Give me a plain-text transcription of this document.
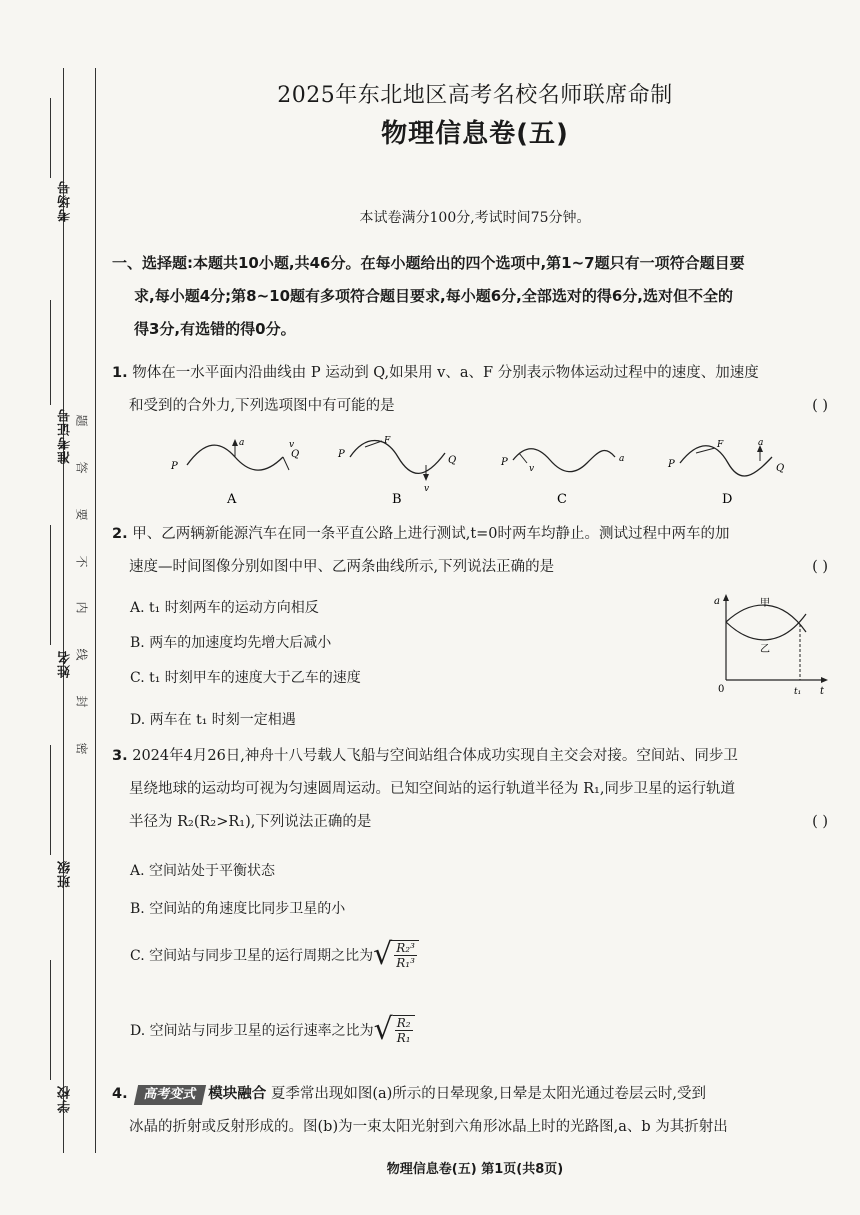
考场号
准考证号
姓名
班级
学校
题
答
要
不
内
线
封
密
2025年东北地区高考名校名师联席命制
物理信息卷(五)
本试卷满分100分,考试时间75分钟。
一、选择题:本题共10小题,共46分。在每小题给出的四个选项中,第1~7题只有一项符合题目要
求,每小题4分;第8~10题有多项符合题目要求,每小题6分,全部选对的得6分,选对但不全的
得3分,有选错的得0分。
1. 物体在一水平面内沿曲线由 P 运动到 Q,如果用 v、a、F 分别表示物体运动过程中的速度、加速度
和受到的合外力,下列选项图中有可能的是	( )
P
Q
a	v
A
P
Q
F
v
B
P	a
v
C
P	Q
F	a
D
2. 甲、乙两辆新能源汽车在同一条平直公路上进行测试,t=0时两车均静止。测试过程中两车的加
速度—时间图像分别如图中甲、乙两条曲线所示,下列说法正确的是	( )
A. t₁ 时刻两车的运动方向相反
B. 两车的加速度均先增大后减小
C. t₁ 时刻甲车的速度大于乙车的速度
D. 两车在 t₁ 时刻一定相遇
a
t
0	t₁
甲
乙
3. 2024年4月26日,神舟十八号载人飞船与空间站组合体成功实现自主交会对接。空间站、同步卫
星绕地球的运动均可视为匀速圆周运动。已知空间站的运行轨道半径为 R₁,同步卫星的运行轨道
半径为 R₂(R₂>R₁),下列说法正确的是	( )
A. 空间站处于平衡状态
B. 空间站的角速度比同步卫星的小
C. 空间站与同步卫星的运行周期之比为 √ $\frac{\text{R₂³}}{\text{R₁³}}$
D. 空间站与同步卫星的运行速率之比为 √ $\frac{\text{R₂}}{\text{R₁}}$
4. 高考变式 模块融合 夏季常出现如图(a)所示的日晕现象,日晕是太阳光通过卷层云时,受到
冰晶的折射或反射形成的。图(b)为一束太阳光射到六角形冰晶上时的光路图,a、b 为其折射出
物理信息卷(五) 第1页(共8页)
